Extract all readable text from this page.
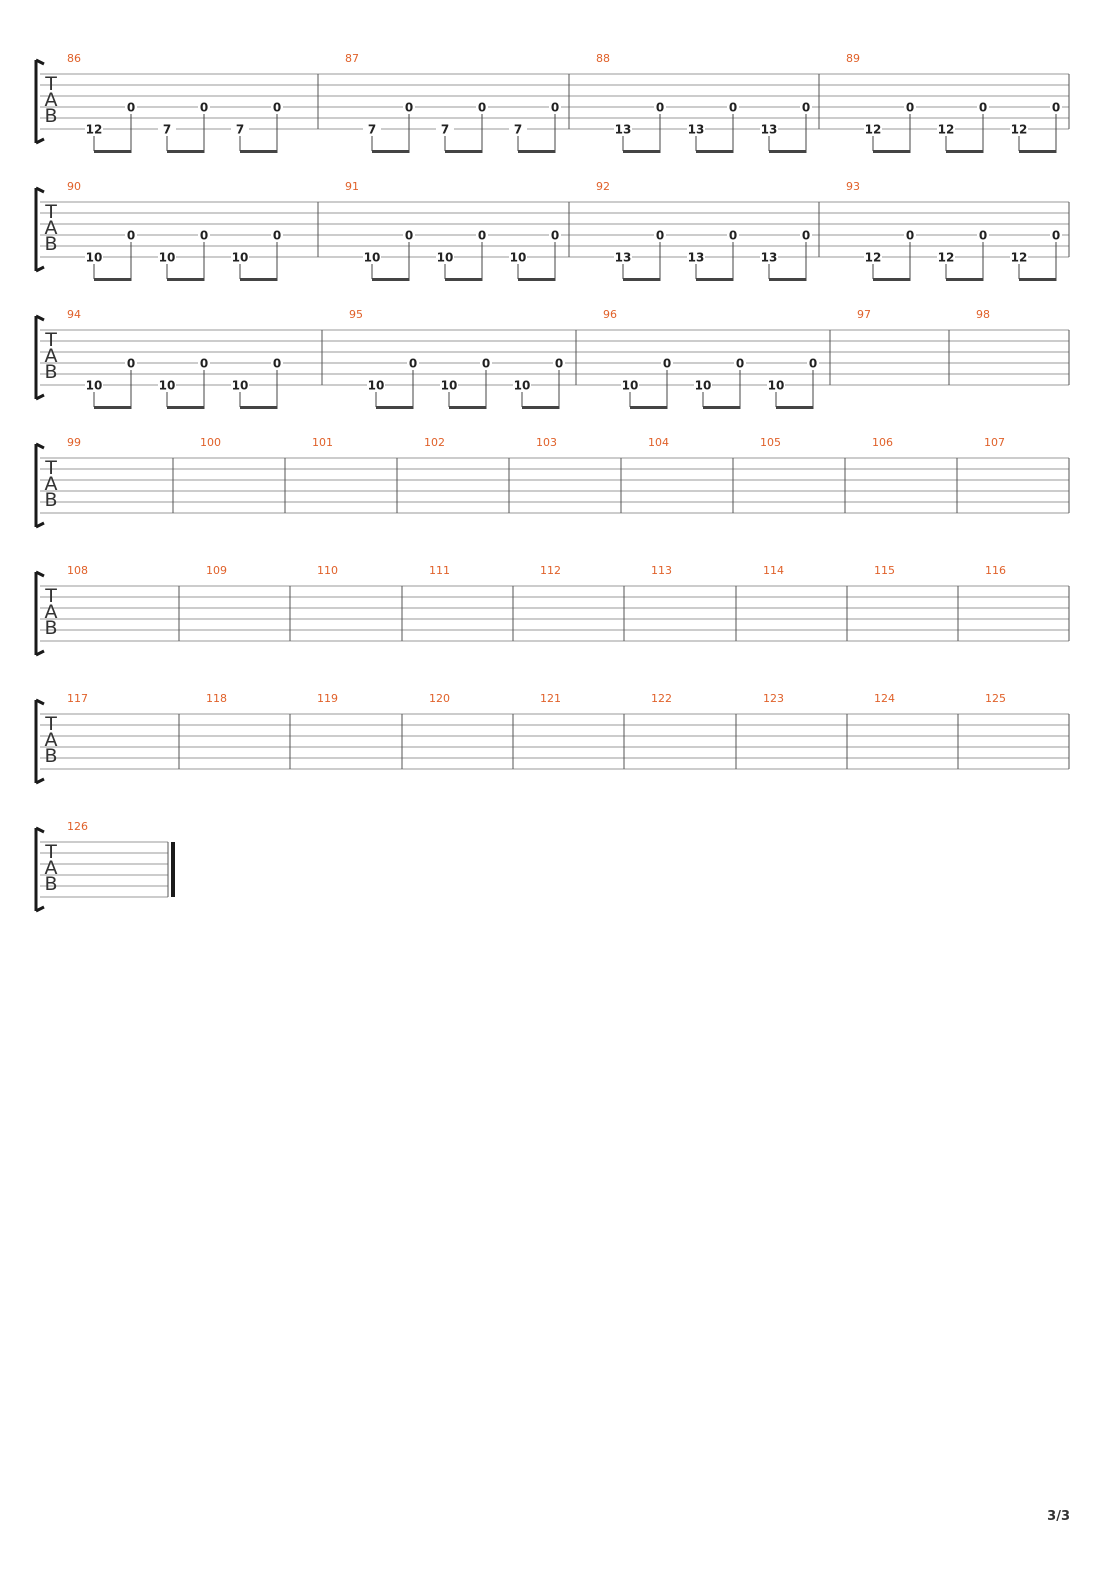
T
A
B
86
12
0
7
0
7
0
87
7
0
7
0
7
0
88
13
0
13
0
13
0
89
12
0
12
0
12
0
T
A
B
90
10
0
10
0
10
0
91
10
0
10
0
10
0
92
13
0
13
0
13
0
93
12
0
12
0
12
0
T
A
B
94
10
0
10
0
10
0
95
10
0
10
0
10
0
96
10
0
10
0
10
0
97	98
T
A
B
99	100	101	102	103	104	105	106	107
T
A
B
108	109	110	111	112	113	114	115	116
T
A
B
117	118	119	120	121	122	123	124	125
T
A
B
126
3/3
